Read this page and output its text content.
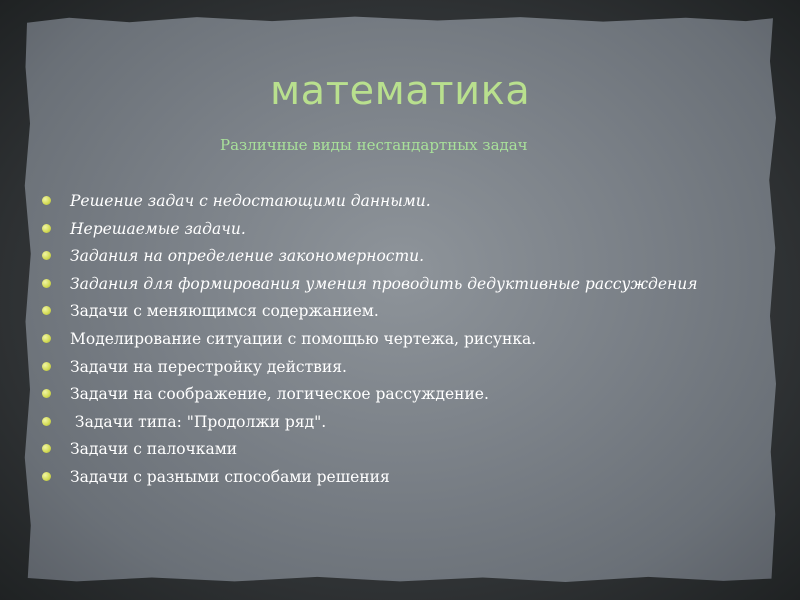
математика
Различные виды нестандартных задач
Решение задач с недостающими данными.
Нерешаемые задачи.
Задания на определение закономерности.
Задания для формирования умения проводить дедуктивные рассуждения
Задачи с меняющимся содержанием.
Моделирование ситуации с помощью чертежа, рисунка.
Задачи на перестройку действия.
Задачи на соображение, логическое рассуждение.
Задачи типа: "Продолжи ряд".
Задачи с палочками
Задачи с разными способами решения
